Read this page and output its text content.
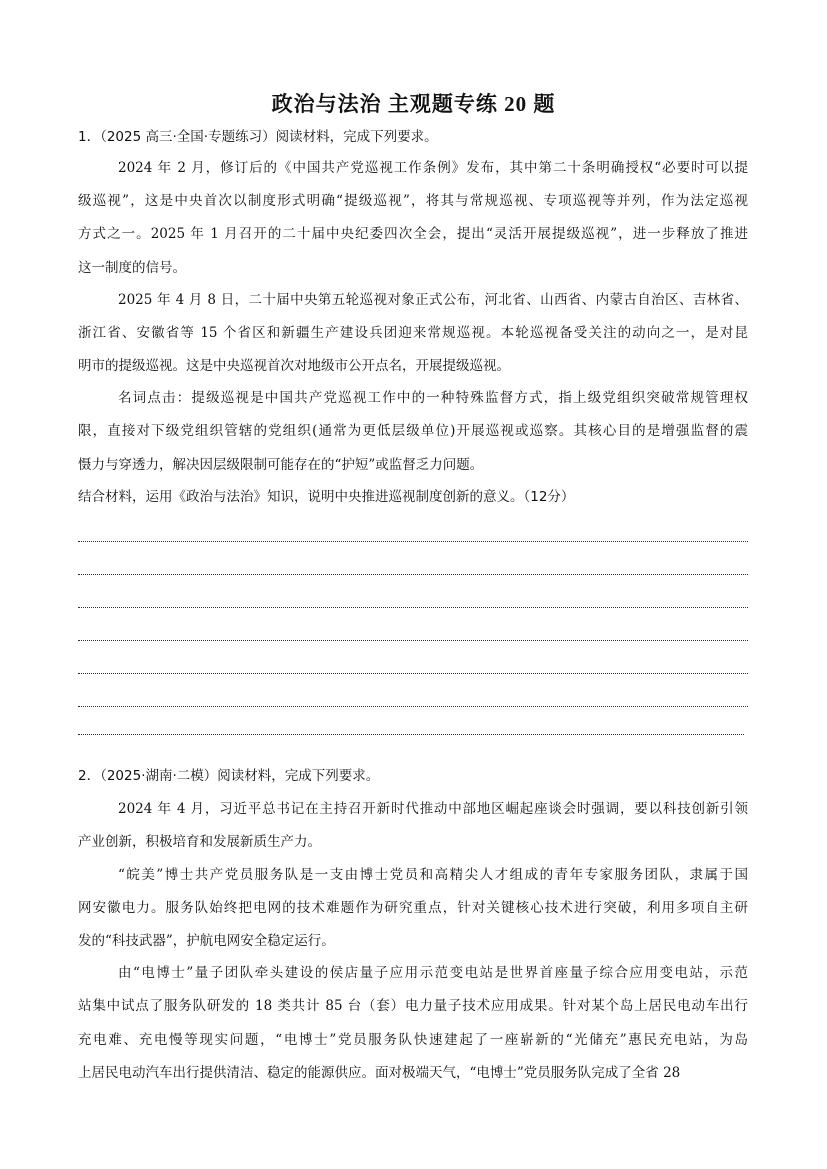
政治与法治 主观题专练 20 题
1．（2025 高三·全国·专题练习）阅读材料，完成下列要求。
2024 年 2 月，修订后的《中国共产党巡视工作条例》发布，其中第二十条明确授权“必要时可以提
级巡视”，这是中央首次以制度形式明确“提级巡视”，将其与常规巡视、专项巡视等并列，作为法定巡视
方式之一。2025 年 1 月召开的二十届中央纪委四次全会，提出“灵活开展提级巡视”，进一步释放了推进
这一制度的信号。
2025 年 4 月 8 日，二十届中央第五轮巡视对象正式公布，河北省、山西省、内蒙古自治区、吉林省、
浙江省、安徽省等 15 个省区和新疆生产建设兵团迎来常规巡视。本轮巡视备受关注的动向之一，是对昆
明市的提级巡视。这是中央巡视首次对地级市公开点名，开展提级巡视。
名词点击：提级巡视是中国共产党巡视工作中的一种特殊监督方式，指上级党组织突破常规管理权
限，直接对下级党组织管辖的党组织(通常为更低层级单位)开展巡视或巡察。其核心目的是增强监督的震
慑力与穿透力，解决因层级限制可能存在的“护短”或监督乏力问题。
结合材料，运用《政治与法治》知识，说明中央推进巡视制度创新的意义。（12分）
2．（2025·湖南·二模）阅读材料，完成下列要求。
2024 年 4 月，习近平总书记在主持召开新时代推动中部地区崛起座谈会时强调，要以科技创新引领
产业创新，积极培育和发展新质生产力。
“皖美”博士共产党员服务队是一支由博士党员和高精尖人才组成的青年专家服务团队，隶属于国
网安徽电力。服务队始终把电网的技术难题作为研究重点，针对关键核心技术进行突破，利用多项自主研
发的“科技武器”，护航电网安全稳定运行。
由“电博士”量子团队牵头建设的侯店量子应用示范变电站是世界首座量子综合应用变电站，示范
站集中试点了服务队研发的 18 类共计 85 台（套）电力量子技术应用成果。针对某个岛上居民电动车出行
充电难、充电慢等现实问题，“电博士”党员服务队快速建起了一座崭新的“光储充”惠民充电站，为岛
上居民电动汽车出行提供清洁、稳定的能源供应。面对极端天气，“电博士”党员服务队完成了全省 28
